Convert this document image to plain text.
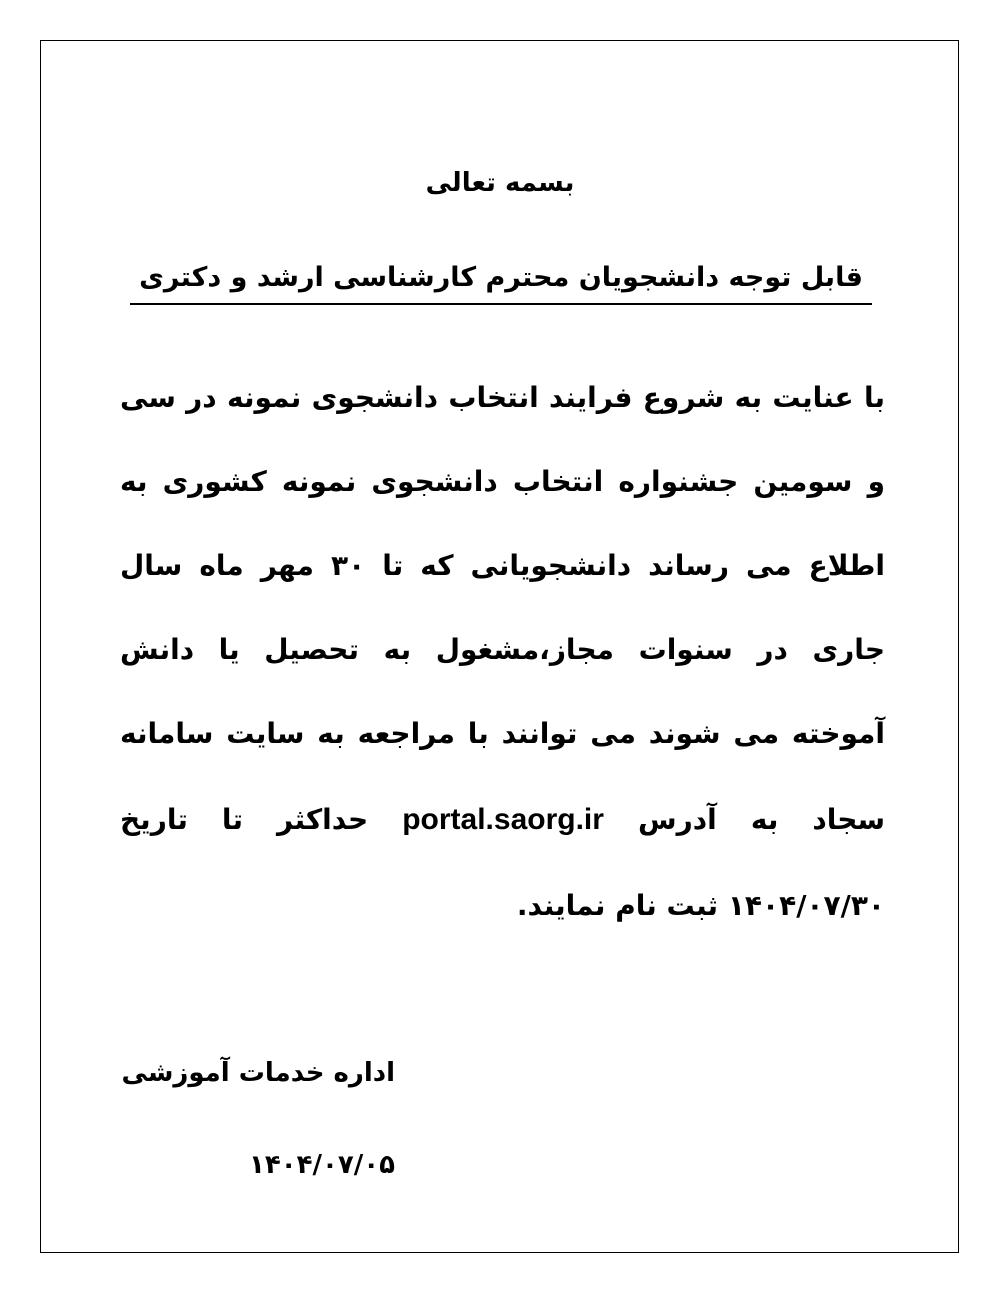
بسمه تعالی
قابل توجه دانشجویان محترم کارشناسی ارشد و دکتری
با عنایت به شروع فرایند انتخاب دانشجوی نمونه در سی
و سومین جشنواره انتخاب دانشجوی نمونه کشوری به
اطلاع می رساند دانشجویانی که تا ۳۰ مهر ماه سال
جاری در سنوات مجاز،مشغول به تحصیل یا دانش
آموخته می شوند می توانند با مراجعه به سایت سامانه
سجاد به آدرس portal.saorg.ir حداکثر تا تاریخ
۱۴۰۴/۰۷/۳۰ ثبت نام نمایند.
اداره خدمات آموزشی
۱۴۰۴/۰۷/۰۵
